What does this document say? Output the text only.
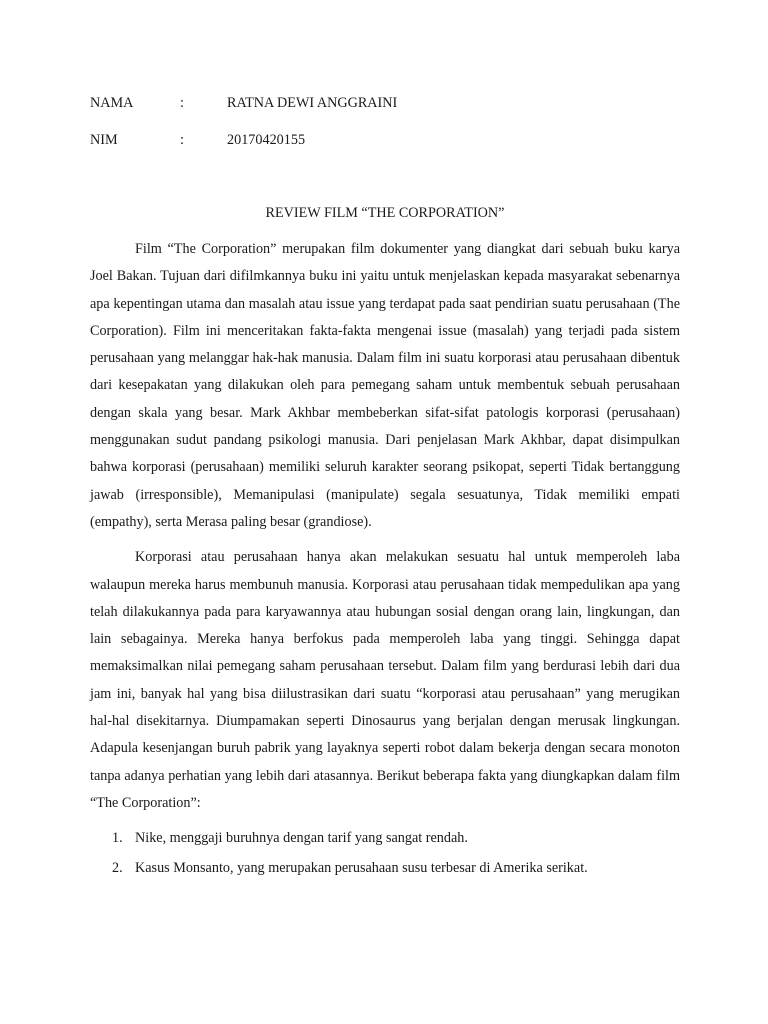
NAMA	:	RATNA DEWI ANGGRAINI
NIM	:	20170420155
REVIEW FILM “THE CORPORATION”

Film “The Corporation” merupakan film dokumenter yang diangkat dari sebuah buku karya Joel Bakan. Tujuan dari difilmkannya buku ini yaitu untuk menjelaskan kepada masyarakat sebenarnya apa kepentingan utama dan masalah atau issue yang terdapat pada saat pendirian suatu perusahaan (The Corporation). Film ini menceritakan fakta-fakta mengenai issue (masalah) yang terjadi pada sistem perusahaan yang melanggar hak-hak manusia. Dalam film ini suatu korporasi atau perusahaan dibentuk dari kesepakatan yang dilakukan oleh para pemegang saham untuk membentuk sebuah perusahaan dengan skala yang besar. Mark Akhbar membeberkan sifat-sifat patologis korporasi (perusahaan) menggunakan sudut pandang psikologi manusia. Dari penjelasan Mark Akhbar, dapat disimpulkan bahwa korporasi (perusahaan) memiliki seluruh karakter seorang psikopat, seperti Tidak bertanggung jawab (irresponsible), Memanipulasi (manipulate) segala sesuatunya, Tidak memiliki empati (empathy), serta Merasa paling besar (grandiose).

Korporasi atau perusahaan hanya akan melakukan sesuatu hal untuk memperoleh laba walaupun mereka harus membunuh manusia. Korporasi atau perusahaan tidak mempedulikan apa yang telah dilakukannya pada para karyawannya atau hubungan sosial dengan orang lain, lingkungan, dan lain sebagainya. Mereka hanya berfokus pada memperoleh laba yang tinggi. Sehingga dapat memaksimalkan nilai pemegang saham perusahaan tersebut. Dalam film yang berdurasi lebih dari dua jam ini, banyak hal yang bisa diilustrasikan dari suatu “korporasi atau perusahaan” yang merugikan hal-hal disekitarnya. Diumpamakan seperti Dinosaurus yang berjalan dengan merusak lingkungan. Adapula kesenjangan buruh pabrik yang layaknya seperti robot dalam bekerja dengan secara monoton tanpa adanya perhatian yang lebih dari atasannya. Berikut beberapa fakta yang diungkapkan dalam film “The Corporation”:

1. Nike, menggaji buruhnya dengan tarif yang sangat rendah.
2. Kasus Monsanto, yang merupakan perusahaan susu terbesar di Amerika serikat.
